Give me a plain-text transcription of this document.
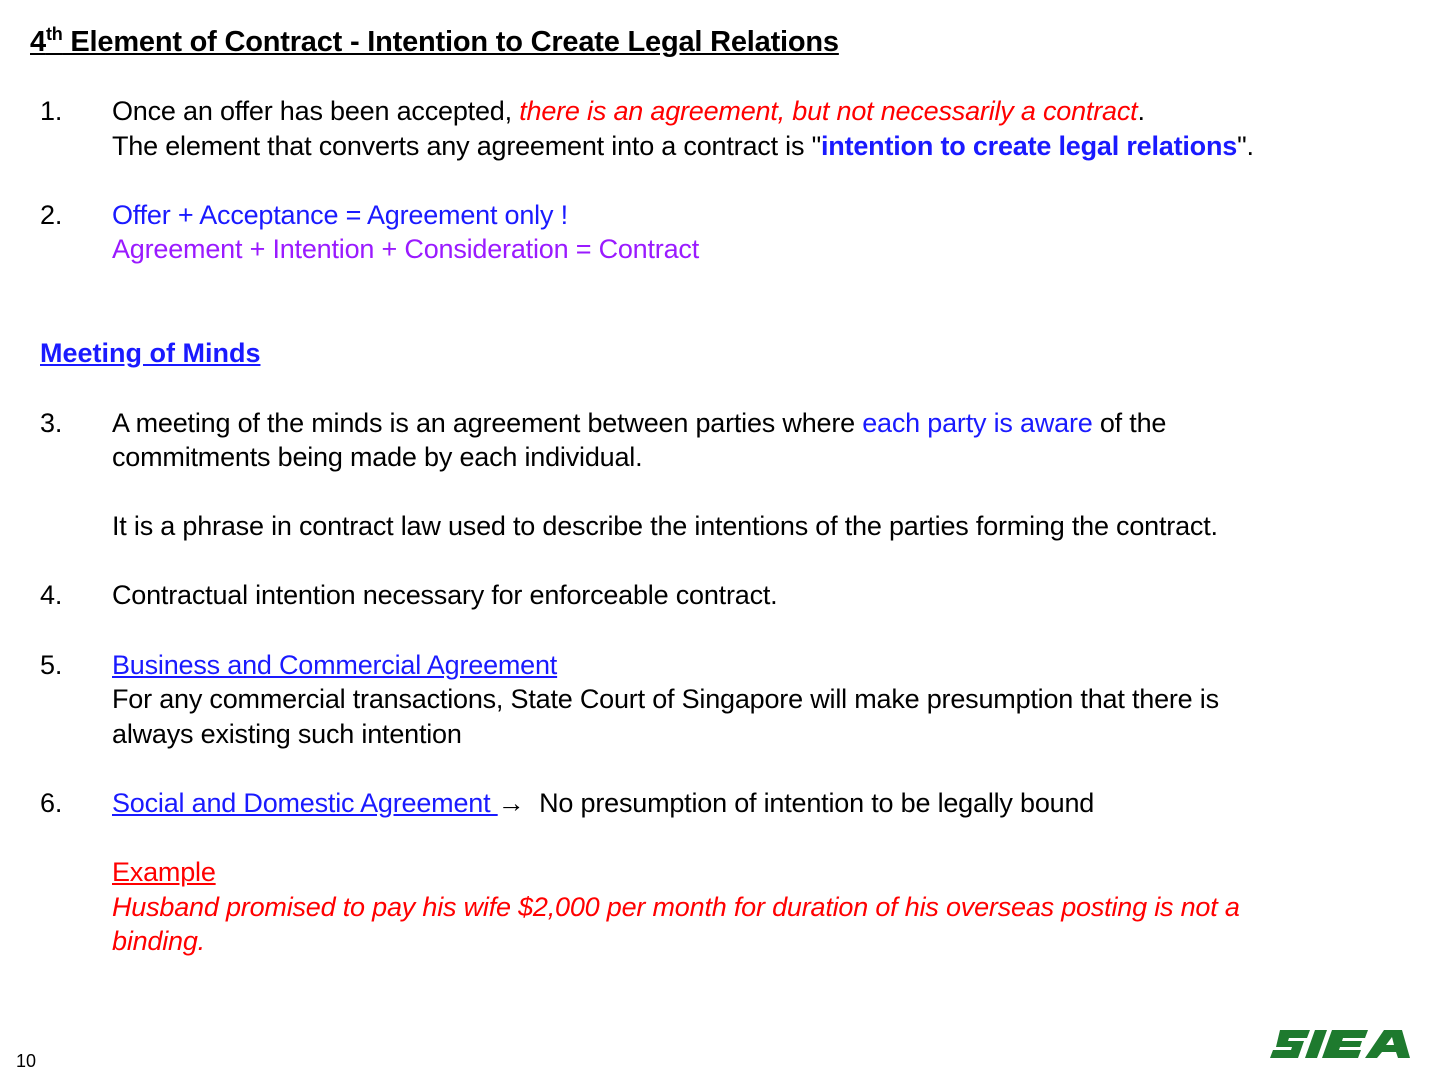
4th Element of Contract - Intention to Create Legal Relations
1. Once an offer has been accepted, there is an agreement, but not necessarily a contract.
The element that converts any agreement into a contract is "intention to create legal relations".
2. Offer + Acceptance = Agreement only !
Agreement + Intention + Consideration = Contract
Meeting of Minds
3. A meeting of the minds is an agreement between parties where each party is aware of the
commitments being made by each individual.
It is a phrase in contract law used to describe the intentions of the parties forming the contract.
4. Contractual intention necessary for enforceable contract.
5. Business and Commercial Agreement
For any commercial transactions, State Court of Singapore will make presumption that there is
always existing such intention
6. Social and Domestic Agreement →  No presumption of intention to be legally bound
Example
Husband promised to pay his wife $2,000 per month for duration of his overseas posting is not a
binding.
10
